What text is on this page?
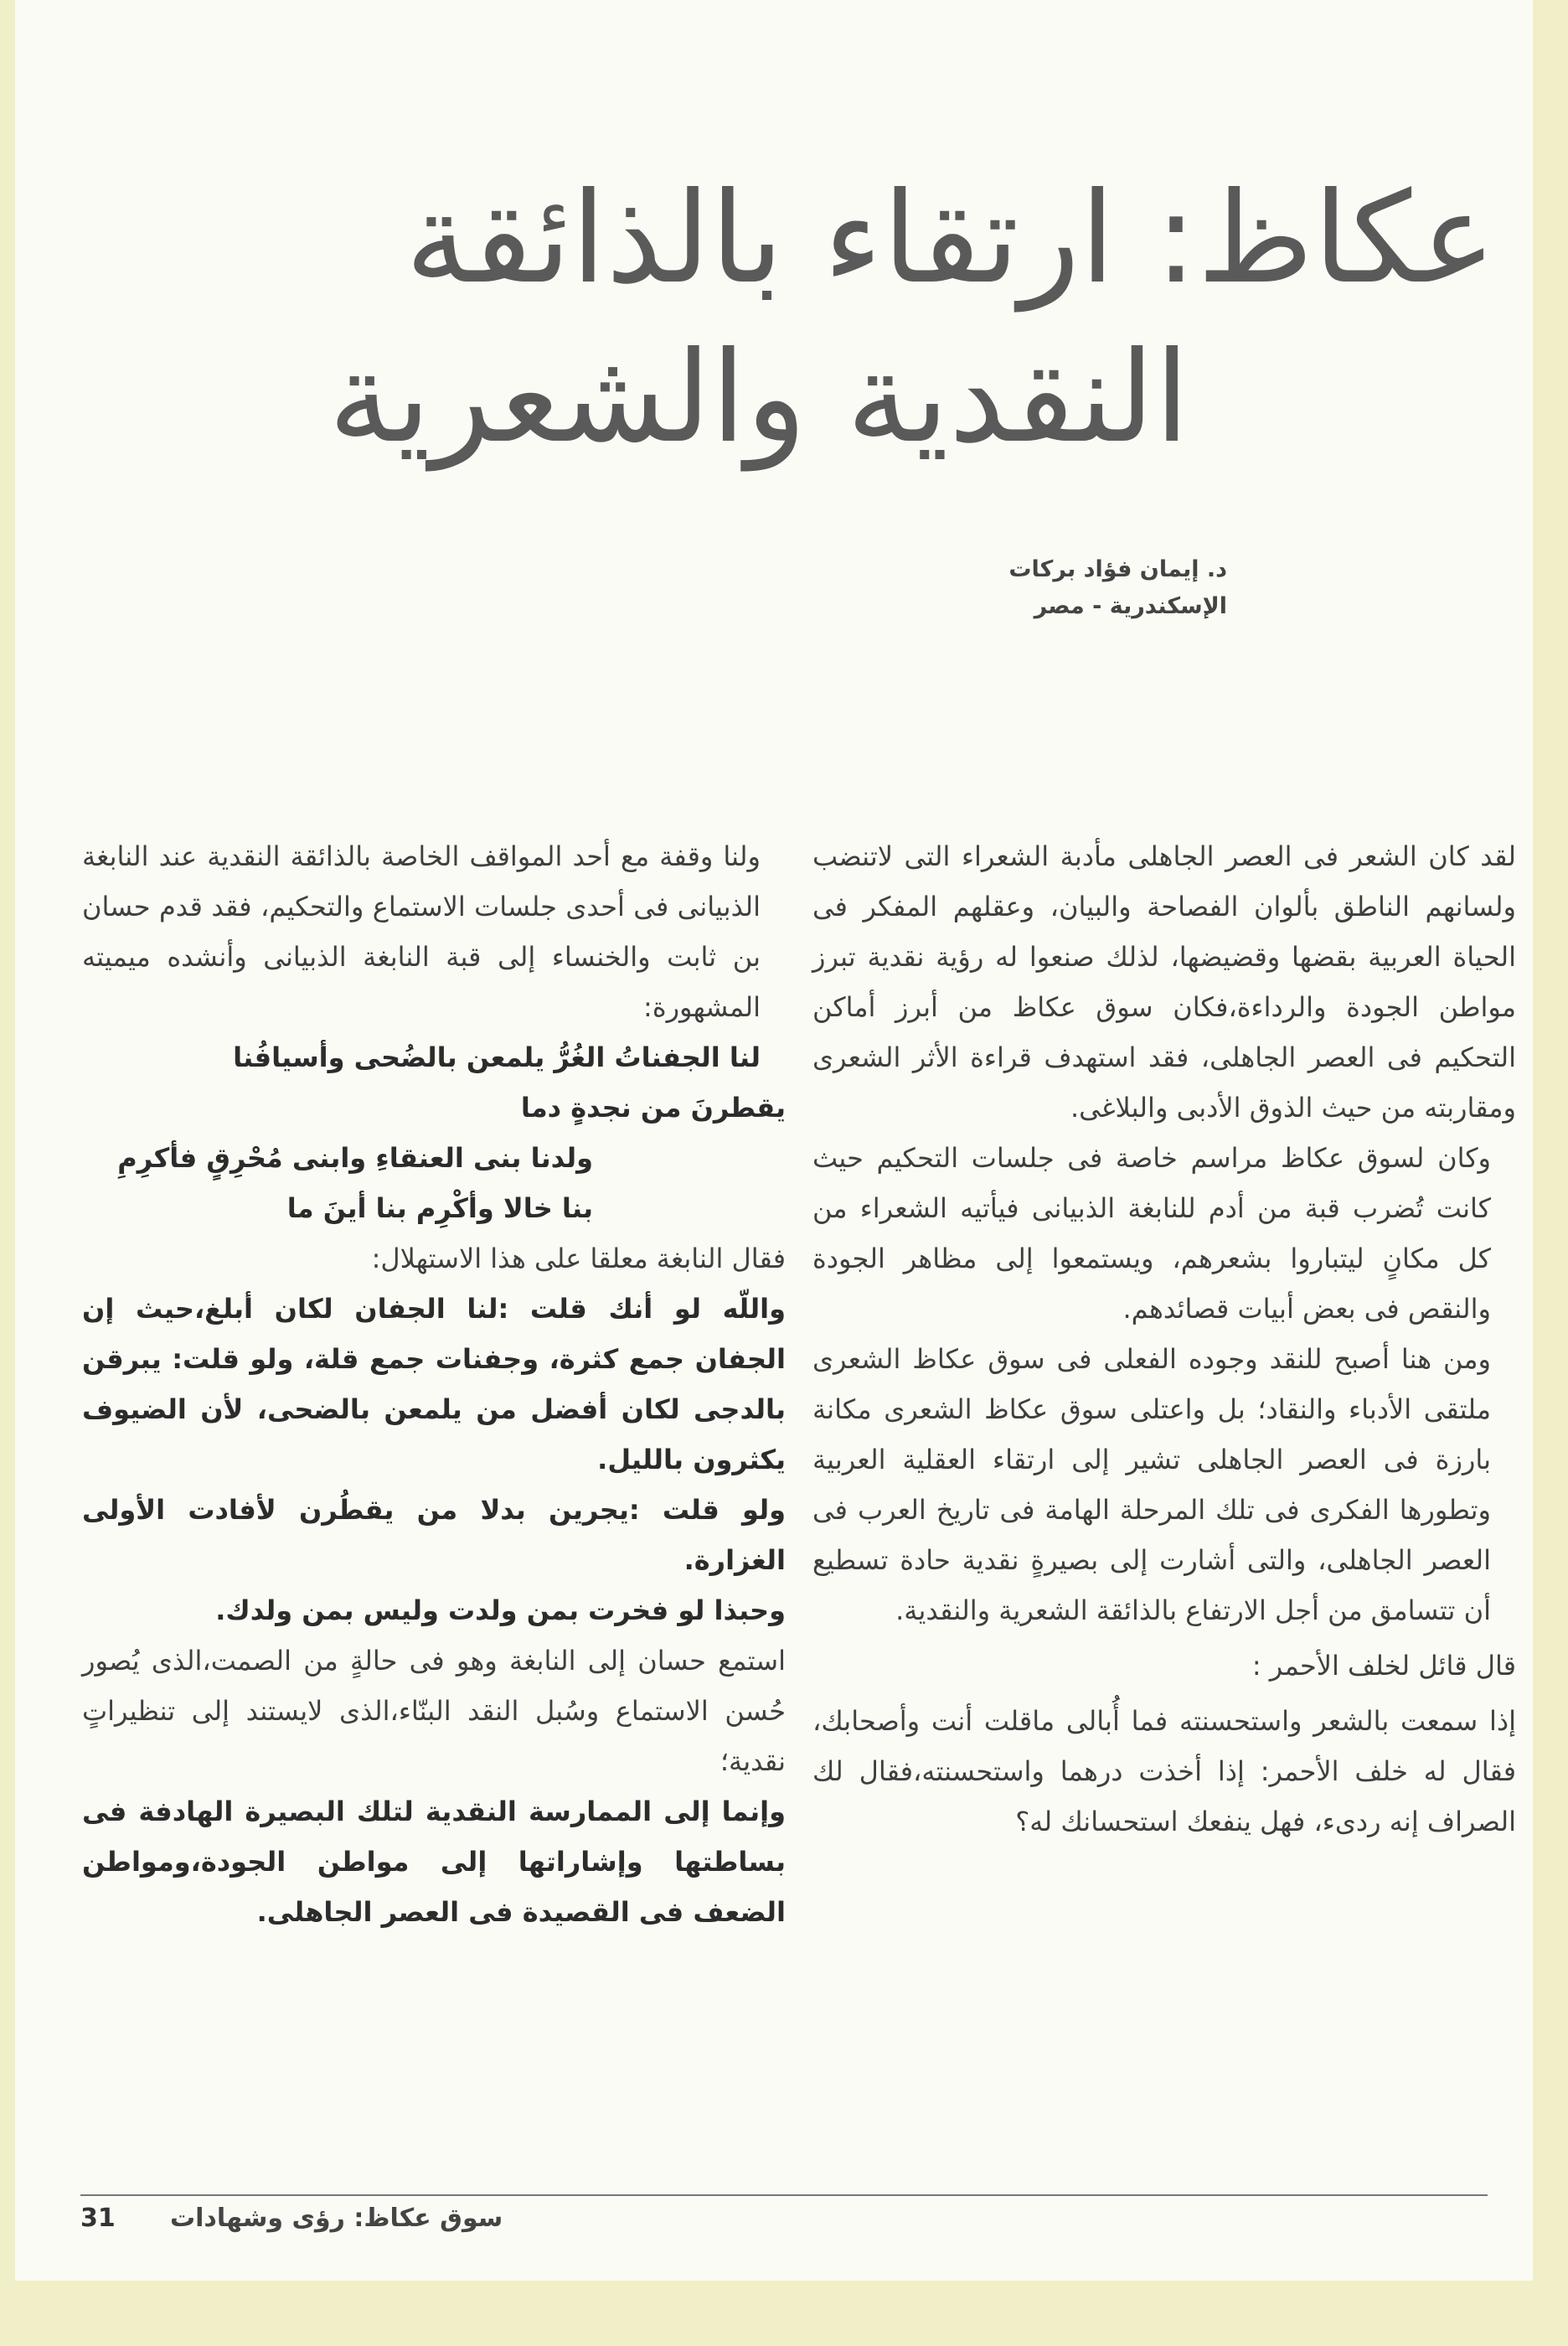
عكاظ: ارتقاء بالذائقة
النقدية والشعرية
د. إيمان فؤاد بركات
الإسكندرية - مصر

لقد كان الشعر فى العصر الجاهلى مأدبة الشعراء التى لاتنضب ولسانهم الناطق بألوان الفصاحة والبيان، وعقلهم المفكر فى الحياة العربية بقضها وقضيضها، لذلك صنعوا له رؤية نقدية تبرز مواطن الجودة والرداءة،فكان سوق عكاظ من أبرز أماكن التحكيم فى العصر الجاهلى، فقد استهدف قراءة الأثر الشعرى ومقاربته من حيث الذوق الأدبى والبلاغى.

وكان لسوق عكاظ مراسم خاصة فى جلسات التحكيم حيث كانت تُضرب قبة من أدم للنابغة الذبيانى فيأتيه الشعراء من كل مكانٍ ليتباروا بشعرهم، ويستمعوا إلى مظاهر الجودة والنقص فى بعض أبيات قصائدهم.

ومن هنا أصبح للنقد وجوده الفعلى فى سوق عكاظ الشعرى ملتقى الأدباء والنقاد؛ بل واعتلى سوق عكاظ الشعرى مكانة بارزة فى العصر الجاهلى تشير إلى ارتقاء العقلية العربية وتطورها الفكرى فى تلك المرحلة الهامة فى تاريخ العرب فى العصر الجاهلى، والتى أشارت إلى بصيرةٍ نقدية حادة تسطيع أن تتسامق من أجل الارتفاع بالذائقة الشعرية والنقدية.

قال قائل لخلف الأحمر :

إذا سمعت بالشعر واستحسنته فما أُبالى ماقلت أنت وأصحابك، فقال له خلف الأحمر: إذا أخذت درهما واستحسنته،فقال لك الصراف إنه ردىء، فهل ينفعك استحسانك له؟

ولنا وقفة مع أحد المواقف الخاصة بالذائقة النقدية عند النابغة الذبيانى فى أحدى جلسات الاستماع والتحكيم، فقد قدم حسان بن ثابت والخنساء إلى قبة النابغة الذبيانى وأنشده ميميته المشهورة:

لنا الجفناتُ الغُرُّ يلمعن بالضُحى وأسيافُنا

يقطرنَ من نجدةٍ دما

ولدنا بنى العنقاءِ وابنى مُحْرِقٍ فأكرِمِ

بنا خالا وأكْرِم بنا أينَ ما

فقال النابغة معلقا على هذا الاستهلال:

واللّه لو أنك قلت :لنا الجفان لكان أبلغ،حيث إن الجفان جمع كثرة، وجفنات جمع قلة، ولو قلت: يبرقن بالدجى لكان أفضل من يلمعن بالضحى، لأن الضيوف يكثرون بالليل.

ولو قلت :يجرين بدلا من يقطُرن لأفادت الأولى الغزارة.

وحبذا لو فخرت بمن ولدت وليس بمن ولدك.

استمع حسان إلى النابغة وهو فى حالةٍ من الصمت،الذى يُصور حُسن الاستماع وسُبل النقد البنّاء،الذى لايستند إلى تنظيراتٍ نقدية؛

وإنما إلى الممارسة النقدية لتلك البصيرة الهادفة فى بساطتها وإشاراتها إلى مواطن الجودة،ومواطن الضعف فى القصيدة فى العصر الجاهلى.

سوق عكاظ: رؤى وشهادات
31
